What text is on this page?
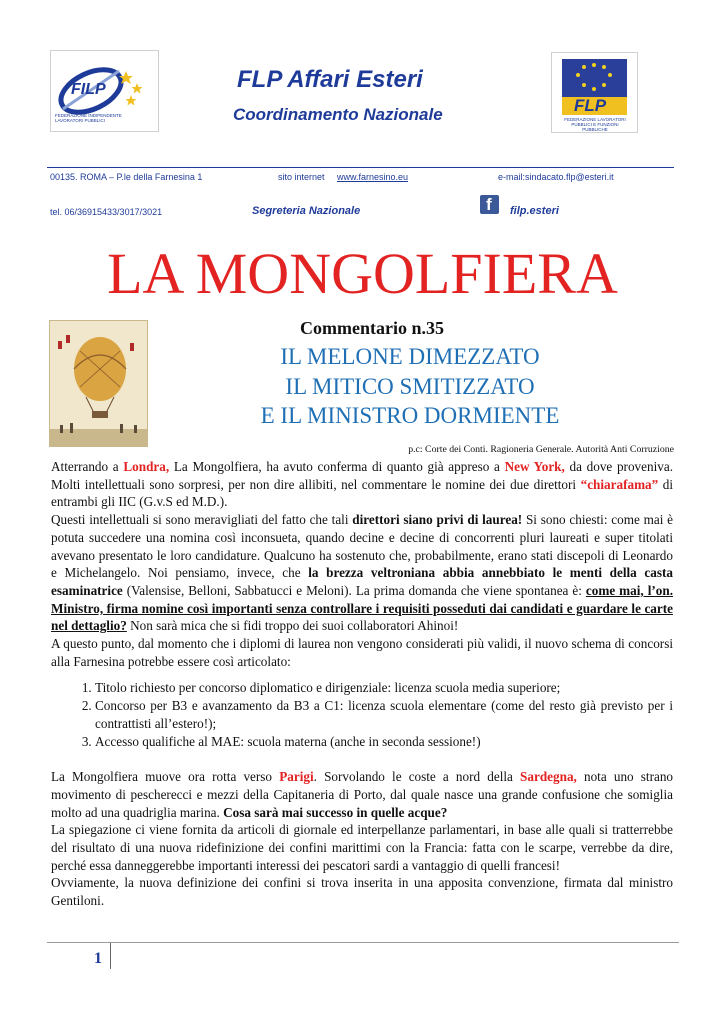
FILP
FEDERAZIONE INDIPENDENTE LAVORATORI PUBBLICI
FLP Affari Esteri
Coordinamento Nazionale	FLP
FEDERAZIONE LAVORATORI PUBBLICI E FUNZIONI PUBBLICHE
00135. ROMA – P.le della Farnesina 1	sito internet www.farnesino.eu	e-mail:sindacato.flp@esteri.it
tel. 06/36915433/3017/3021	Segreteria Nazionale	f filp.esteri
LA MONGOLFIERA
Commentario n.35
IL MELONE DIMEZZATO
IL MITICO SMITIZZATO
E IL MINISTRO DORMIENTE
p.c: Corte dei Conti. Ragioneria Generale. Autorità Anti Corruzione
Atterrando a Londra, La Mongolfiera, ha avuto conferma di quanto già appreso a New York, da dove proveniva. Molti intellettuali sono sorpresi, per non dire allibiti, nel commentare le nomine dei due direttori “chiarafama” di entrambi gli IIC (G.v.S ed M.D.).
Questi intellettuali si sono meravigliati del fatto che tali direttori siano privi di laurea! Si sono chiesti: come mai è potuta succedere una nomina così inconsueta, quando decine e decine di concorrenti pluri laureati e super titolati avevano presentato le loro candidature. Qualcuno ha sostenuto che, probabilmente, erano stati discepoli di Leonardo e Michelangelo. Noi pensiamo, invece, che la brezza veltroniana abbia annebbiato le menti della casta esaminatrice (Valensise, Belloni, Sabbatucci e Meloni). La prima domanda che viene spontanea è: come mai, l’on. Ministro, firma nomine così importanti senza controllare i requisiti posseduti dai candidati e guardare le carte nel dettaglio? Non sarà mica che si fidi troppo dei suoi collaboratori Ahinoi!
A questo punto, dal momento che i diplomi di laurea non vengono considerati più validi, il nuovo schema di concorsi alla Farnesina potrebbe essere così articolato:
1. Titolo richiesto per concorso diplomatico e dirigenziale: licenza scuola media superiore;
2. Concorso per B3 e avanzamento da B3 a C1: licenza scuola elementare (come del resto già previsto per i contrattisti all’estero!);
3. Accesso qualifiche al MAE: scuola materna (anche in seconda sessione!)
La Mongolfiera muove ora rotta verso Parigi. Sorvolando le coste a nord della Sardegna, nota uno strano movimento di pescherecci e mezzi della Capitaneria di Porto, dal quale nasce una grande confusione che somiglia molto ad una quadriglia marina. Cosa sarà mai successo in quelle acque?
La spiegazione ci viene fornita da articoli di giornale ed interpellanze parlamentari, in base alle quali si tratterrebbe del risultato di una nuova ridefinizione dei confini marittimi con la Francia: fatta con le scarpe, verrebbe da dire, perché essa danneggerebbe importanti interessi dei pescatori sardi a vantaggio di quelli francesi!
Ovviamente, la nuova definizione dei confini si trova inserita in una apposita convenzione, firmata dal ministro Gentiloni.
1
